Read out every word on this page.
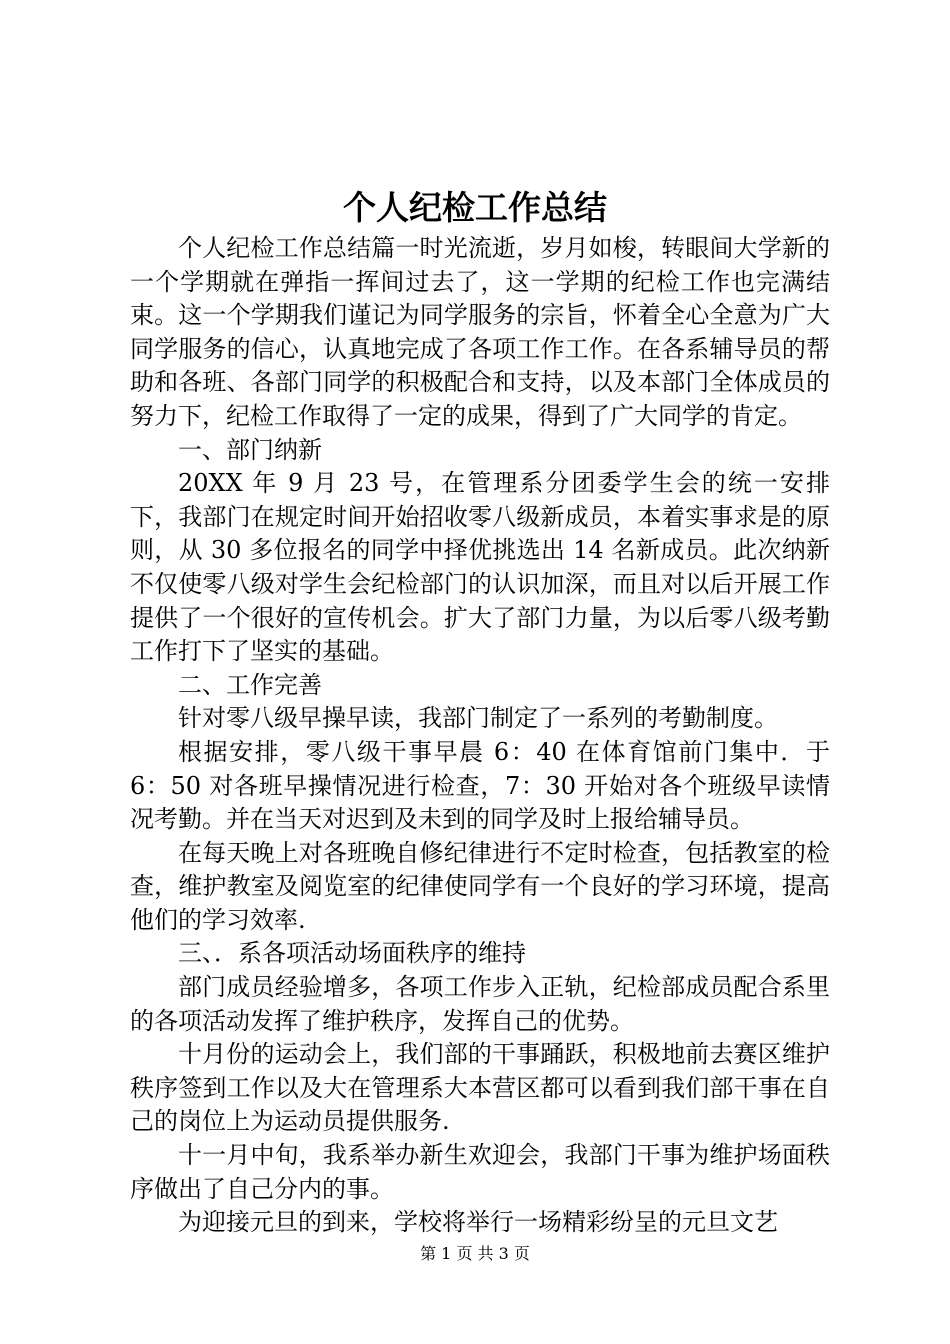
个人纪检工作总结

个人纪检工作总结篇一时光流逝，岁月如梭，转眼间大学新的一个学期就在弹指一挥间过去了，这一学期的纪检工作也完满结束。这一个学期我们谨记为同学服务的宗旨，怀着全心全意为广大同学服务的信心，认真地完成了各项工作工作。在各系辅导员的帮助和各班、各部门同学的积极配合和支持，以及本部门全体成员的努力下，纪检工作取得了一定的成果，得到了广大同学的肯定。

一、部门纳新

20XX 年 9 月 23 号，在管理系分团委学生会的统一安排下，我部门在规定时间开始招收零八级新成员，本着实事求是的原则，从 30 多位报名的同学中择优挑选出 14 名新成员。此次纳新不仅使零八级对学生会纪检部门的认识加深，而且对以后开展工作提供了一个很好的宣传机会。扩大了部门力量，为以后零八级考勤工作打下了坚实的基础。

二、工作完善

针对零八级早操早读，我部门制定了一系列的考勤制度。

根据安排，零八级干事早晨 6：40 在体育馆前门集中．于 6：50 对各班早操情况进行检查，7：30 开始对各个班级早读情况考勤。并在当天对迟到及未到的同学及时上报给辅导员。

在每天晚上对各班晚自修纪律进行不定时检查，包括教室的检查，维护教室及阅览室的纪律使同学有一个良好的学习环境，提高他们的学习效率.

三、．系各项活动场面秩序的维持

部门成员经验增多，各项工作步入正轨，纪检部成员配合系里的各项活动发挥了维护秩序，发挥自己的优势。

十月份的运动会上，我们部的干事踊跃，积极地前去赛区维护秩序签到工作以及大在管理系大本营区都可以看到我们部干事在自己的岗位上为运动员提供服务.

十一月中旬，我系举办新生欢迎会，我部门干事为维护场面秩序做出了自己分内的事。

为迎接元旦的到来，学校将举行一场精彩纷呈的元旦文艺

第 1 页 共 3 页
